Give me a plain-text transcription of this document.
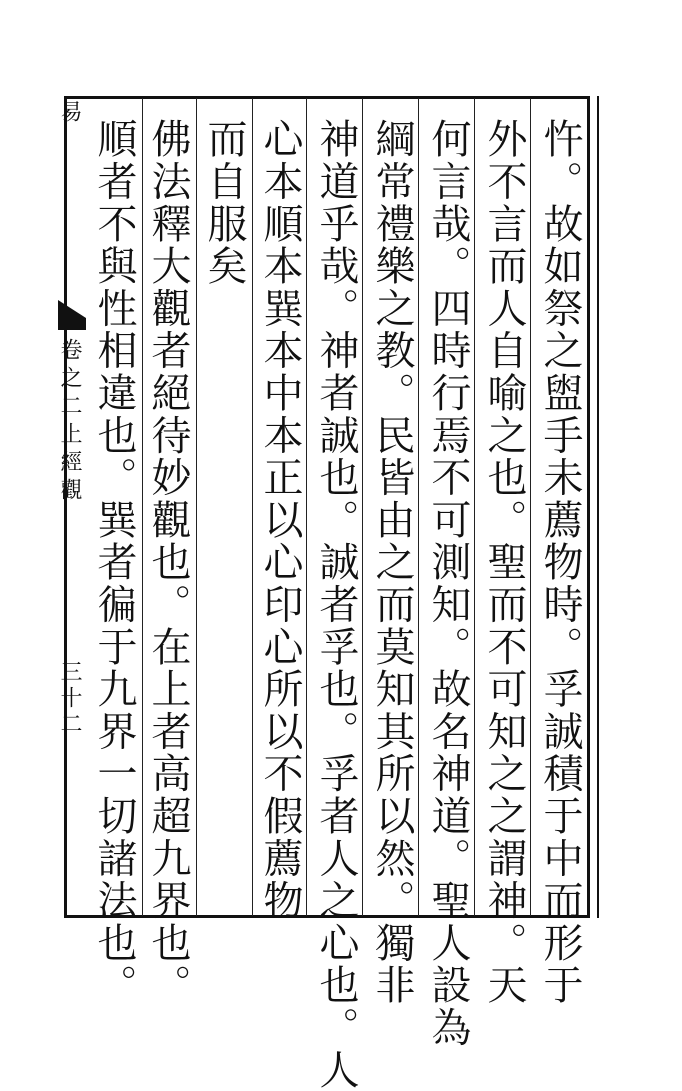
易
卷之二上經觀
三十二	忤。故如祭之盥手未薦物時。孚誠積于中而形于
外不言而人自喻之也。聖而不可知之之謂神。天
何言哉。四時行焉不可測知。故名神道。聖人設為
綱常禮樂之教。民皆由之而莫知其所以然。獨非
神道乎哉。神者誠也。誠者孚也。孚者人之心也。人
心本順本巽本中本正以心印心所以不假薦物
而自服矣
佛法釋大觀者絕待妙觀也。在上者高超九界也。
順者不與性相違也。巽者徧于九界一切諸法也。
